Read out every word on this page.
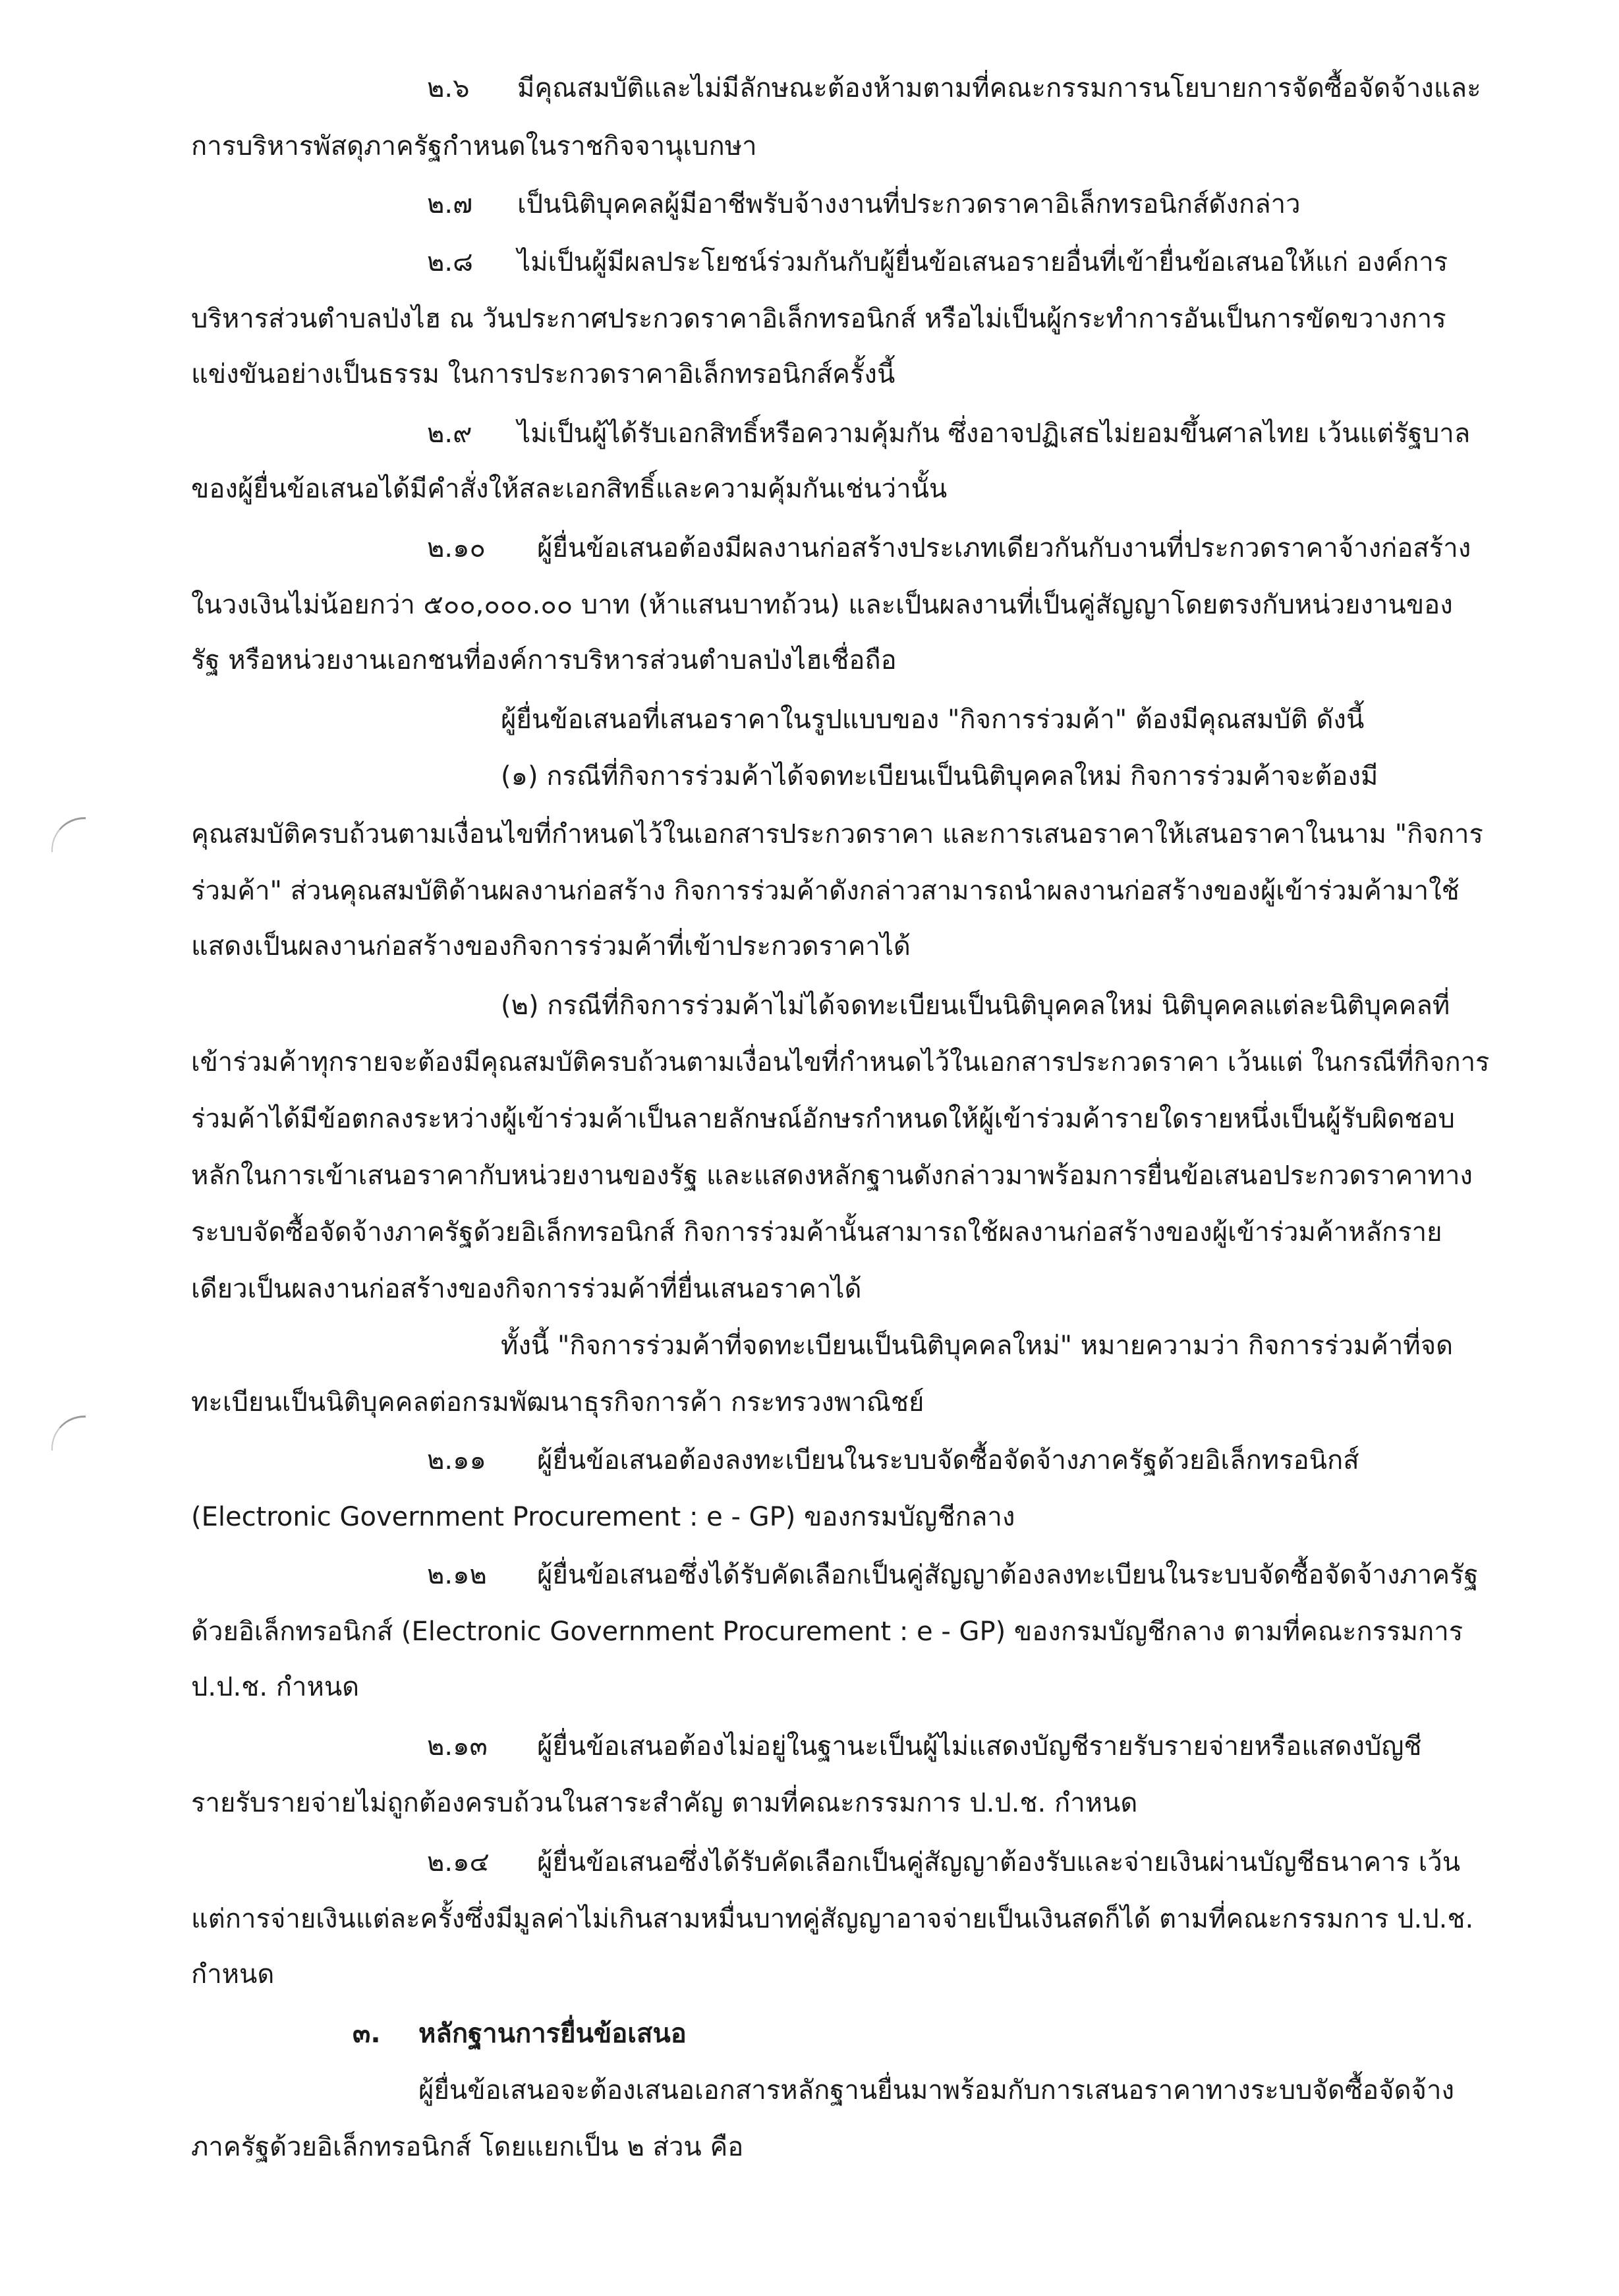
๒.๖ มีคุณสมบัติและไม่มีลักษณะต้องห้ามตามที่คณะกรรมการนโยบายการจัดซื้อจัดจ้างและ

การบริหารพัสดุภาครัฐกำหนดในราชกิจจานุเบกษา

๒.๗ เป็นนิติบุคคลผู้มีอาชีพรับจ้างงานที่ประกวดราคาอิเล็กทรอนิกส์ดังกล่าว

๒.๘ ไม่เป็นผู้มีผลประโยชน์ร่วมกันกับผู้ยื่นข้อเสนอรายอื่นที่เข้ายื่นข้อเสนอให้แก่ องค์การ

บริหารส่วนตำบลป่งไฮ ณ วันประกาศประกวดราคาอิเล็กทรอนิกส์ หรือไม่เป็นผู้กระทำการอันเป็นการขัดขวางการ

แข่งขันอย่างเป็นธรรม ในการประกวดราคาอิเล็กทรอนิกส์ครั้งนี้

๒.๙ ไม่เป็นผู้ได้รับเอกสิทธิ์หรือความคุ้มกัน ซึ่งอาจปฏิเสธไม่ยอมขึ้นศาลไทย เว้นแต่รัฐบาล

ของผู้ยื่นข้อเสนอได้มีคำสั่งให้สละเอกสิทธิ์และความคุ้มกันเช่นว่านั้น

๒.๑๐ ผู้ยื่นข้อเสนอต้องมีผลงานก่อสร้างประเภทเดียวกันกับงานที่ประกวดราคาจ้างก่อสร้าง

ในวงเงินไม่น้อยกว่า ๕๐๐,๐๐๐.๐๐ บาท (ห้าแสนบาทถ้วน) และเป็นผลงานที่เป็นคู่สัญญาโดยตรงกับหน่วยงานของ

รัฐ หรือหน่วยงานเอกชนที่องค์การบริหารส่วนตำบลป่งไฮเชื่อถือ

ผู้ยื่นข้อเสนอที่เสนอราคาในรูปแบบของ "กิจการร่วมค้า" ต้องมีคุณสมบัติ ดังนี้

(๑) กรณีที่กิจการร่วมค้าได้จดทะเบียนเป็นนิติบุคคลใหม่ กิจการร่วมค้าจะต้องมี

คุณสมบัติครบถ้วนตามเงื่อนไขที่กำหนดไว้ในเอกสารประกวดราคา และการเสนอราคาให้เสนอราคาในนาม "กิจการ

ร่วมค้า" ส่วนคุณสมบัติด้านผลงานก่อสร้าง กิจการร่วมค้าดังกล่าวสามารถนำผลงานก่อสร้างของผู้เข้าร่วมค้ามาใช้

แสดงเป็นผลงานก่อสร้างของกิจการร่วมค้าที่เข้าประกวดราคาได้

(๒) กรณีที่กิจการร่วมค้าไม่ได้จดทะเบียนเป็นนิติบุคคลใหม่ นิติบุคคลแต่ละนิติบุคคลที่

เข้าร่วมค้าทุกรายจะต้องมีคุณสมบัติครบถ้วนตามเงื่อนไขที่กำหนดไว้ในเอกสารประกวดราคา เว้นแต่ ในกรณีที่กิจการ

ร่วมค้าได้มีข้อตกลงระหว่างผู้เข้าร่วมค้าเป็นลายลักษณ์อักษรกำหนดให้ผู้เข้าร่วมค้ารายใดรายหนึ่งเป็นผู้รับผิดชอบ

หลักในการเข้าเสนอราคากับหน่วยงานของรัฐ และแสดงหลักฐานดังกล่าวมาพร้อมการยื่นข้อเสนอประกวดราคาทาง

ระบบจัดซื้อจัดจ้างภาครัฐด้วยอิเล็กทรอนิกส์ กิจการร่วมค้านั้นสามารถใช้ผลงานก่อสร้างของผู้เข้าร่วมค้าหลักราย

เดียวเป็นผลงานก่อสร้างของกิจการร่วมค้าที่ยื่นเสนอราคาได้

ทั้งนี้ "กิจการร่วมค้าที่จดทะเบียนเป็นนิติบุคคลใหม่" หมายความว่า กิจการร่วมค้าที่จด

ทะเบียนเป็นนิติบุคคลต่อกรมพัฒนาธุรกิจการค้า กระทรวงพาณิชย์

๒.๑๑ ผู้ยื่นข้อเสนอต้องลงทะเบียนในระบบจัดซื้อจัดจ้างภาครัฐด้วยอิเล็กทรอนิกส์

(Electronic Government Procurement : e - GP) ของกรมบัญชีกลาง

๒.๑๒ ผู้ยื่นข้อเสนอซึ่งได้รับคัดเลือกเป็นคู่สัญญาต้องลงทะเบียนในระบบจัดซื้อจัดจ้างภาครัฐ

ด้วยอิเล็กทรอนิกส์ (Electronic Government Procurement : e - GP) ของกรมบัญชีกลาง ตามที่คณะกรรมการ

ป.ป.ช. กำหนด

๒.๑๓ ผู้ยื่นข้อเสนอต้องไม่อยู่ในฐานะเป็นผู้ไม่แสดงบัญชีรายรับรายจ่ายหรือแสดงบัญชี

รายรับรายจ่ายไม่ถูกต้องครบถ้วนในสาระสำคัญ ตามที่คณะกรรมการ ป.ป.ช. กำหนด

๒.๑๔ ผู้ยื่นข้อเสนอซึ่งได้รับคัดเลือกเป็นคู่สัญญาต้องรับและจ่ายเงินผ่านบัญชีธนาคาร เว้น

แต่การจ่ายเงินแต่ละครั้งซึ่งมีมูลค่าไม่เกินสามหมื่นบาทคู่สัญญาอาจจ่ายเป็นเงินสดก็ได้ ตามที่คณะกรรมการ ป.ป.ช.

กำหนด

๓. หลักฐานการยื่นข้อเสนอ

ผู้ยื่นข้อเสนอจะต้องเสนอเอกสารหลักฐานยื่นมาพร้อมกับการเสนอราคาทางระบบจัดซื้อจัดจ้าง

ภาครัฐด้วยอิเล็กทรอนิกส์ โดยแยกเป็น ๒ ส่วน คือ
